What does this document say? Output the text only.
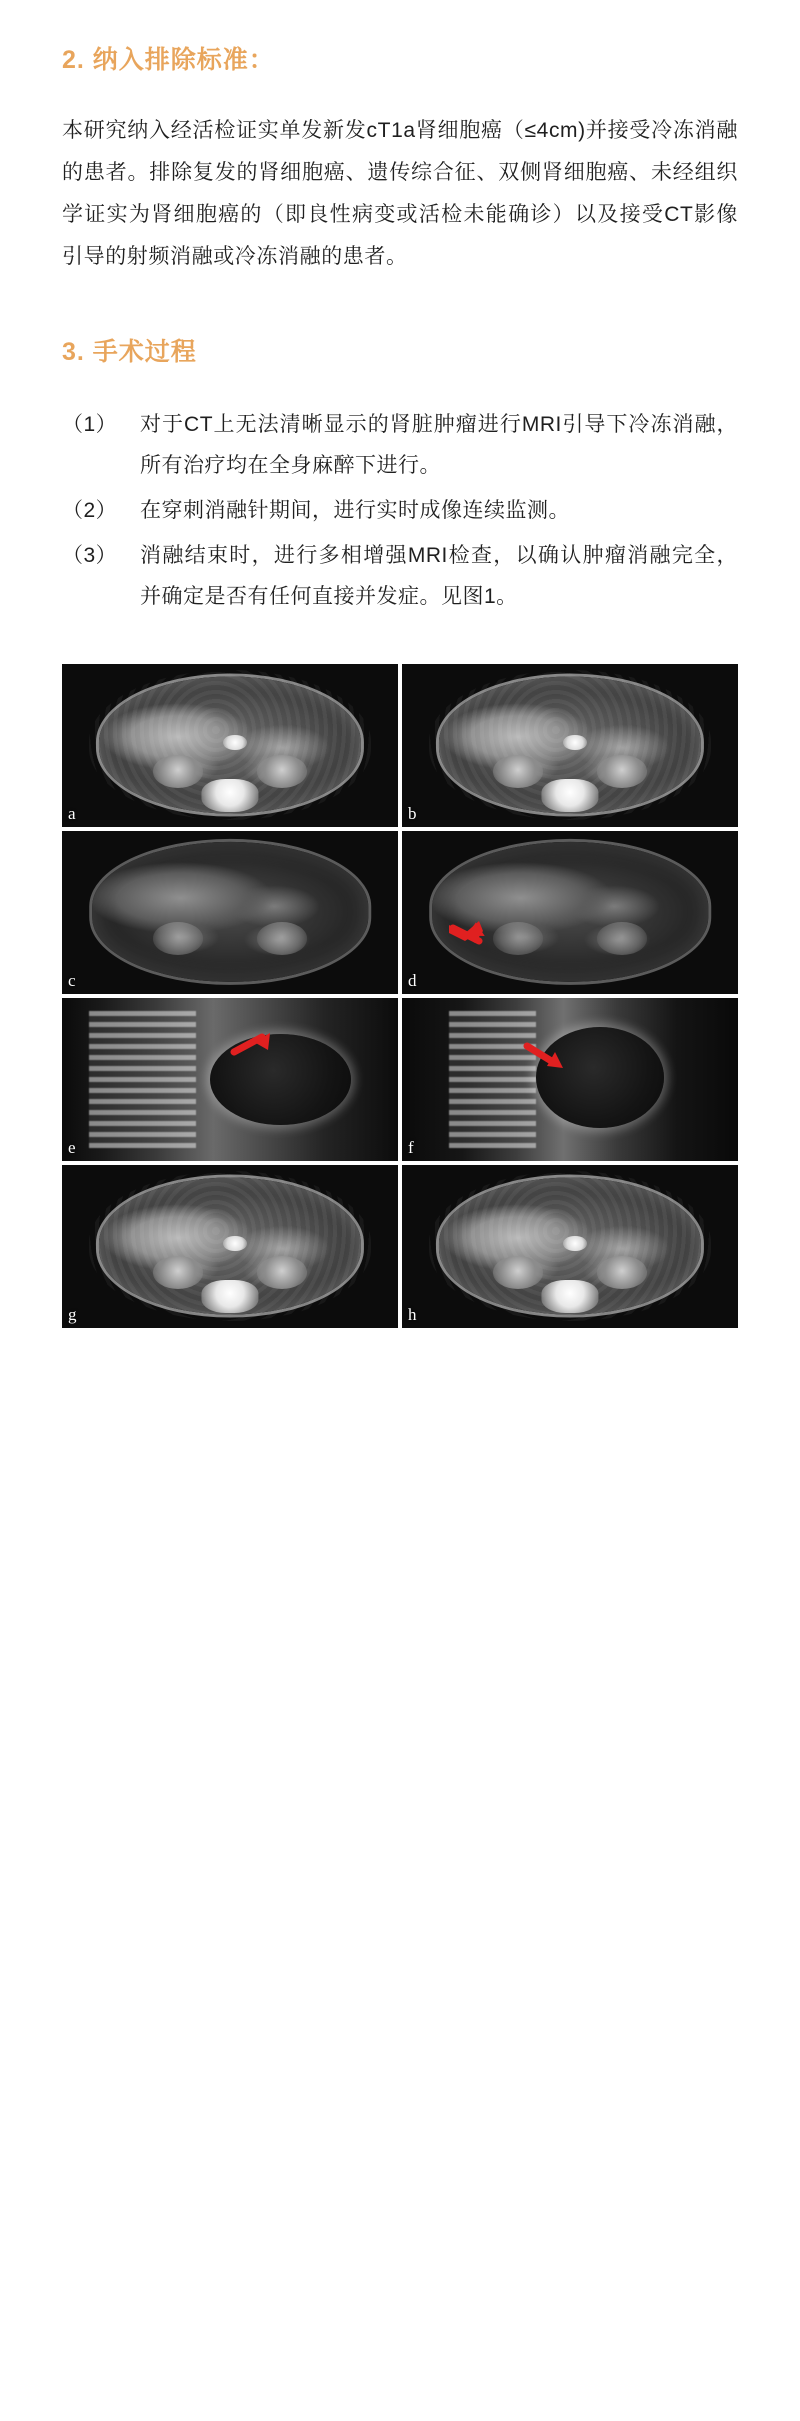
2. 纳入排除标准：

本研究纳入经活检证实单发新发cT1a肾细胞癌（≤4cm)并接受冷冻消融的患者。排除复发的肾细胞癌、遗传综合征、双侧肾细胞癌、未经组织学证实为肾细胞癌的（即良性病变或活检未能确诊）以及接受CT影像引导的射频消融或冷冻消融的患者。

3. 手术过程
（1）	对于CT上无法清晰显示的肾脏肿瘤进行MRI引导下冷冻消融，所有治疗均在全身麻醉下进行。
（2）	在穿刺消融针期间，进行实时成像连续监测。
（3）	消融结束时，进行多相增强MRI检查，以确认肿瘤消融完全，并确定是否有任何直接并发症。见图1。
a	b
c	d
e	f
g	h
